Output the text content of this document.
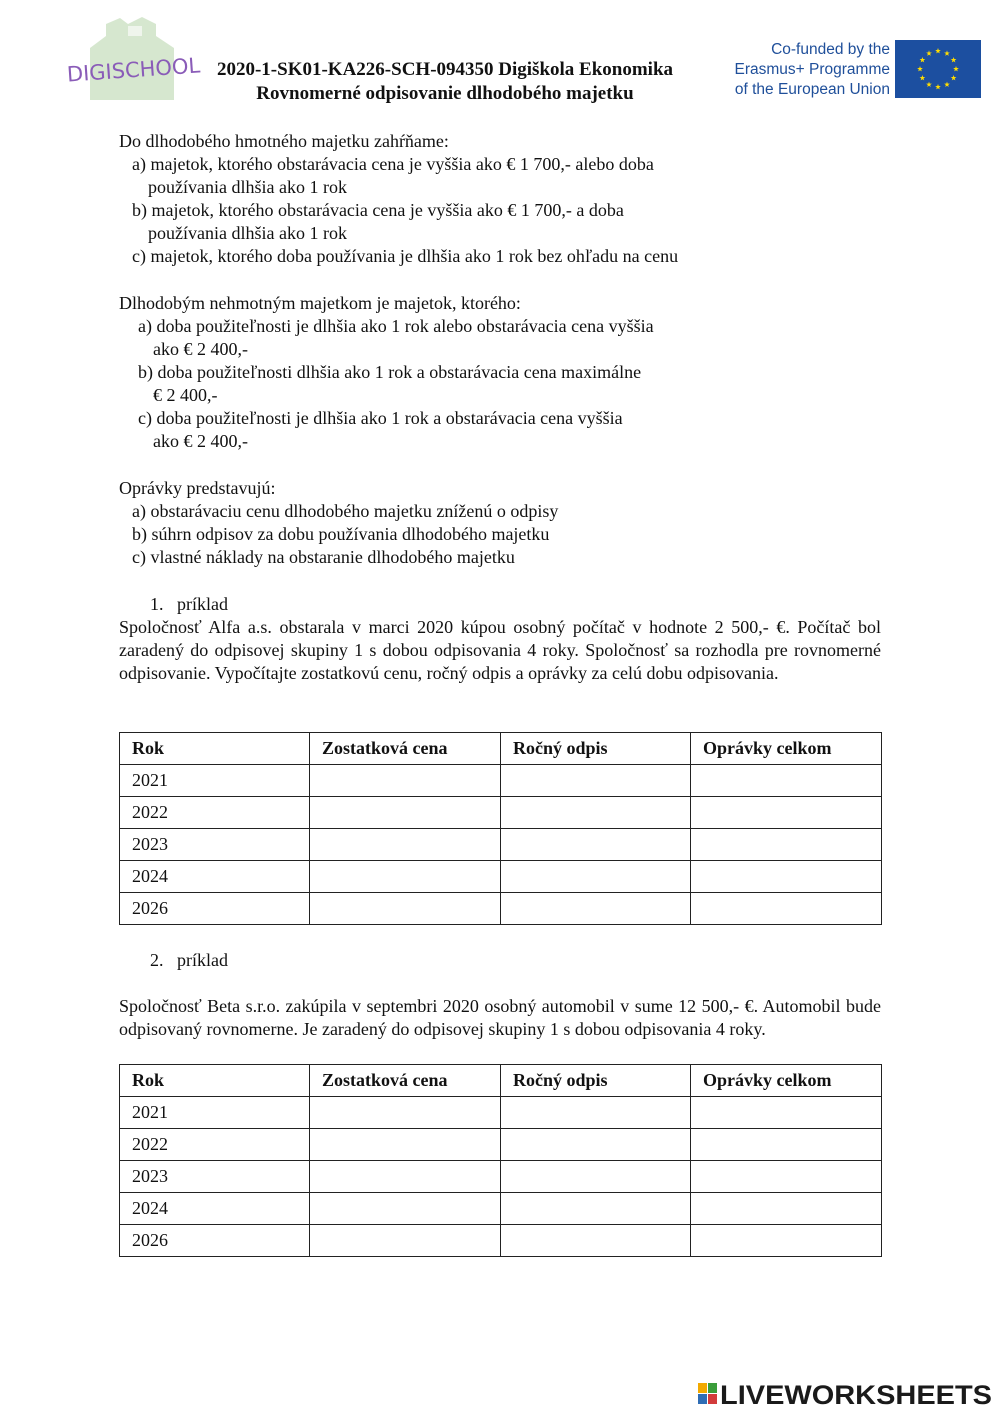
DIGISCHOOL 2020-1-SK01-KA226-SCH-094350 Digiškola Ekonomika
Rovnomerné odpisovanie dlhodobého majetku
Co-funded by the
Erasmus+ Programme
of the European Union
Do dlhodobého hmotného majetku zahŕňame:
a) majetok, ktorého obstarávacia cena je vyššia ako € 1 700,- alebo doba
používania dlhšia ako 1 rok
b) majetok, ktorého obstarávacia cena je vyššia ako € 1 700,- a doba
používania dlhšia ako 1 rok
c) majetok, ktorého doba používania je dlhšia ako 1 rok bez ohľadu na cenu
Dlhodobým nehmotným majetkom je majetok, ktorého:
a) doba použiteľnosti je dlhšia ako 1 rok alebo obstarávacia cena vyššia
ako € 2 400,-
b) doba použiteľnosti dlhšia ako 1 rok a obstarávacia cena maximálne
€ 2 400,-
c) doba použiteľnosti je dlhšia ako 1 rok a obstarávacia cena vyššia
ako € 2 400,-
Oprávky predstavujú:
a) obstarávaciu cenu dlhodobého majetku zníženú o odpisy
b) súhrn odpisov za dobu používania dlhodobého majetku
c) vlastné náklady na obstaranie dlhodobého majetku
1. príklad
Spoločnosť Alfa a.s. obstarala v marci 2020 kúpou osobný počítač v hodnote 2 500,- €. Počítač bol zaradený do odpisovej skupiny 1 s dobou odpisovania 4 roky. Spoločnosť sa rozhodla pre rovnomerné odpisovanie. Vypočítajte zostatkovú cenu, ročný odpis a oprávky za celú dobu odpisovania.
Rok	Zostatková cena	Ročný odpis	Oprávky celkom
2021			
2022			
2023			
2024			
2026			
2. príklad
Spoločnosť Beta s.r.o. zakúpila v septembri 2020 osobný automobil v sume 12 500,- €. Automobil bude odpisovaný rovnomerne. Je zaradený do odpisovej skupiny 1 s dobou odpisovania 4 roky.
Rok	Zostatková cena	Ročný odpis	Oprávky celkom
2021			
2022			
2023			
2024			
2026			
LIVEWORKSHEETS
